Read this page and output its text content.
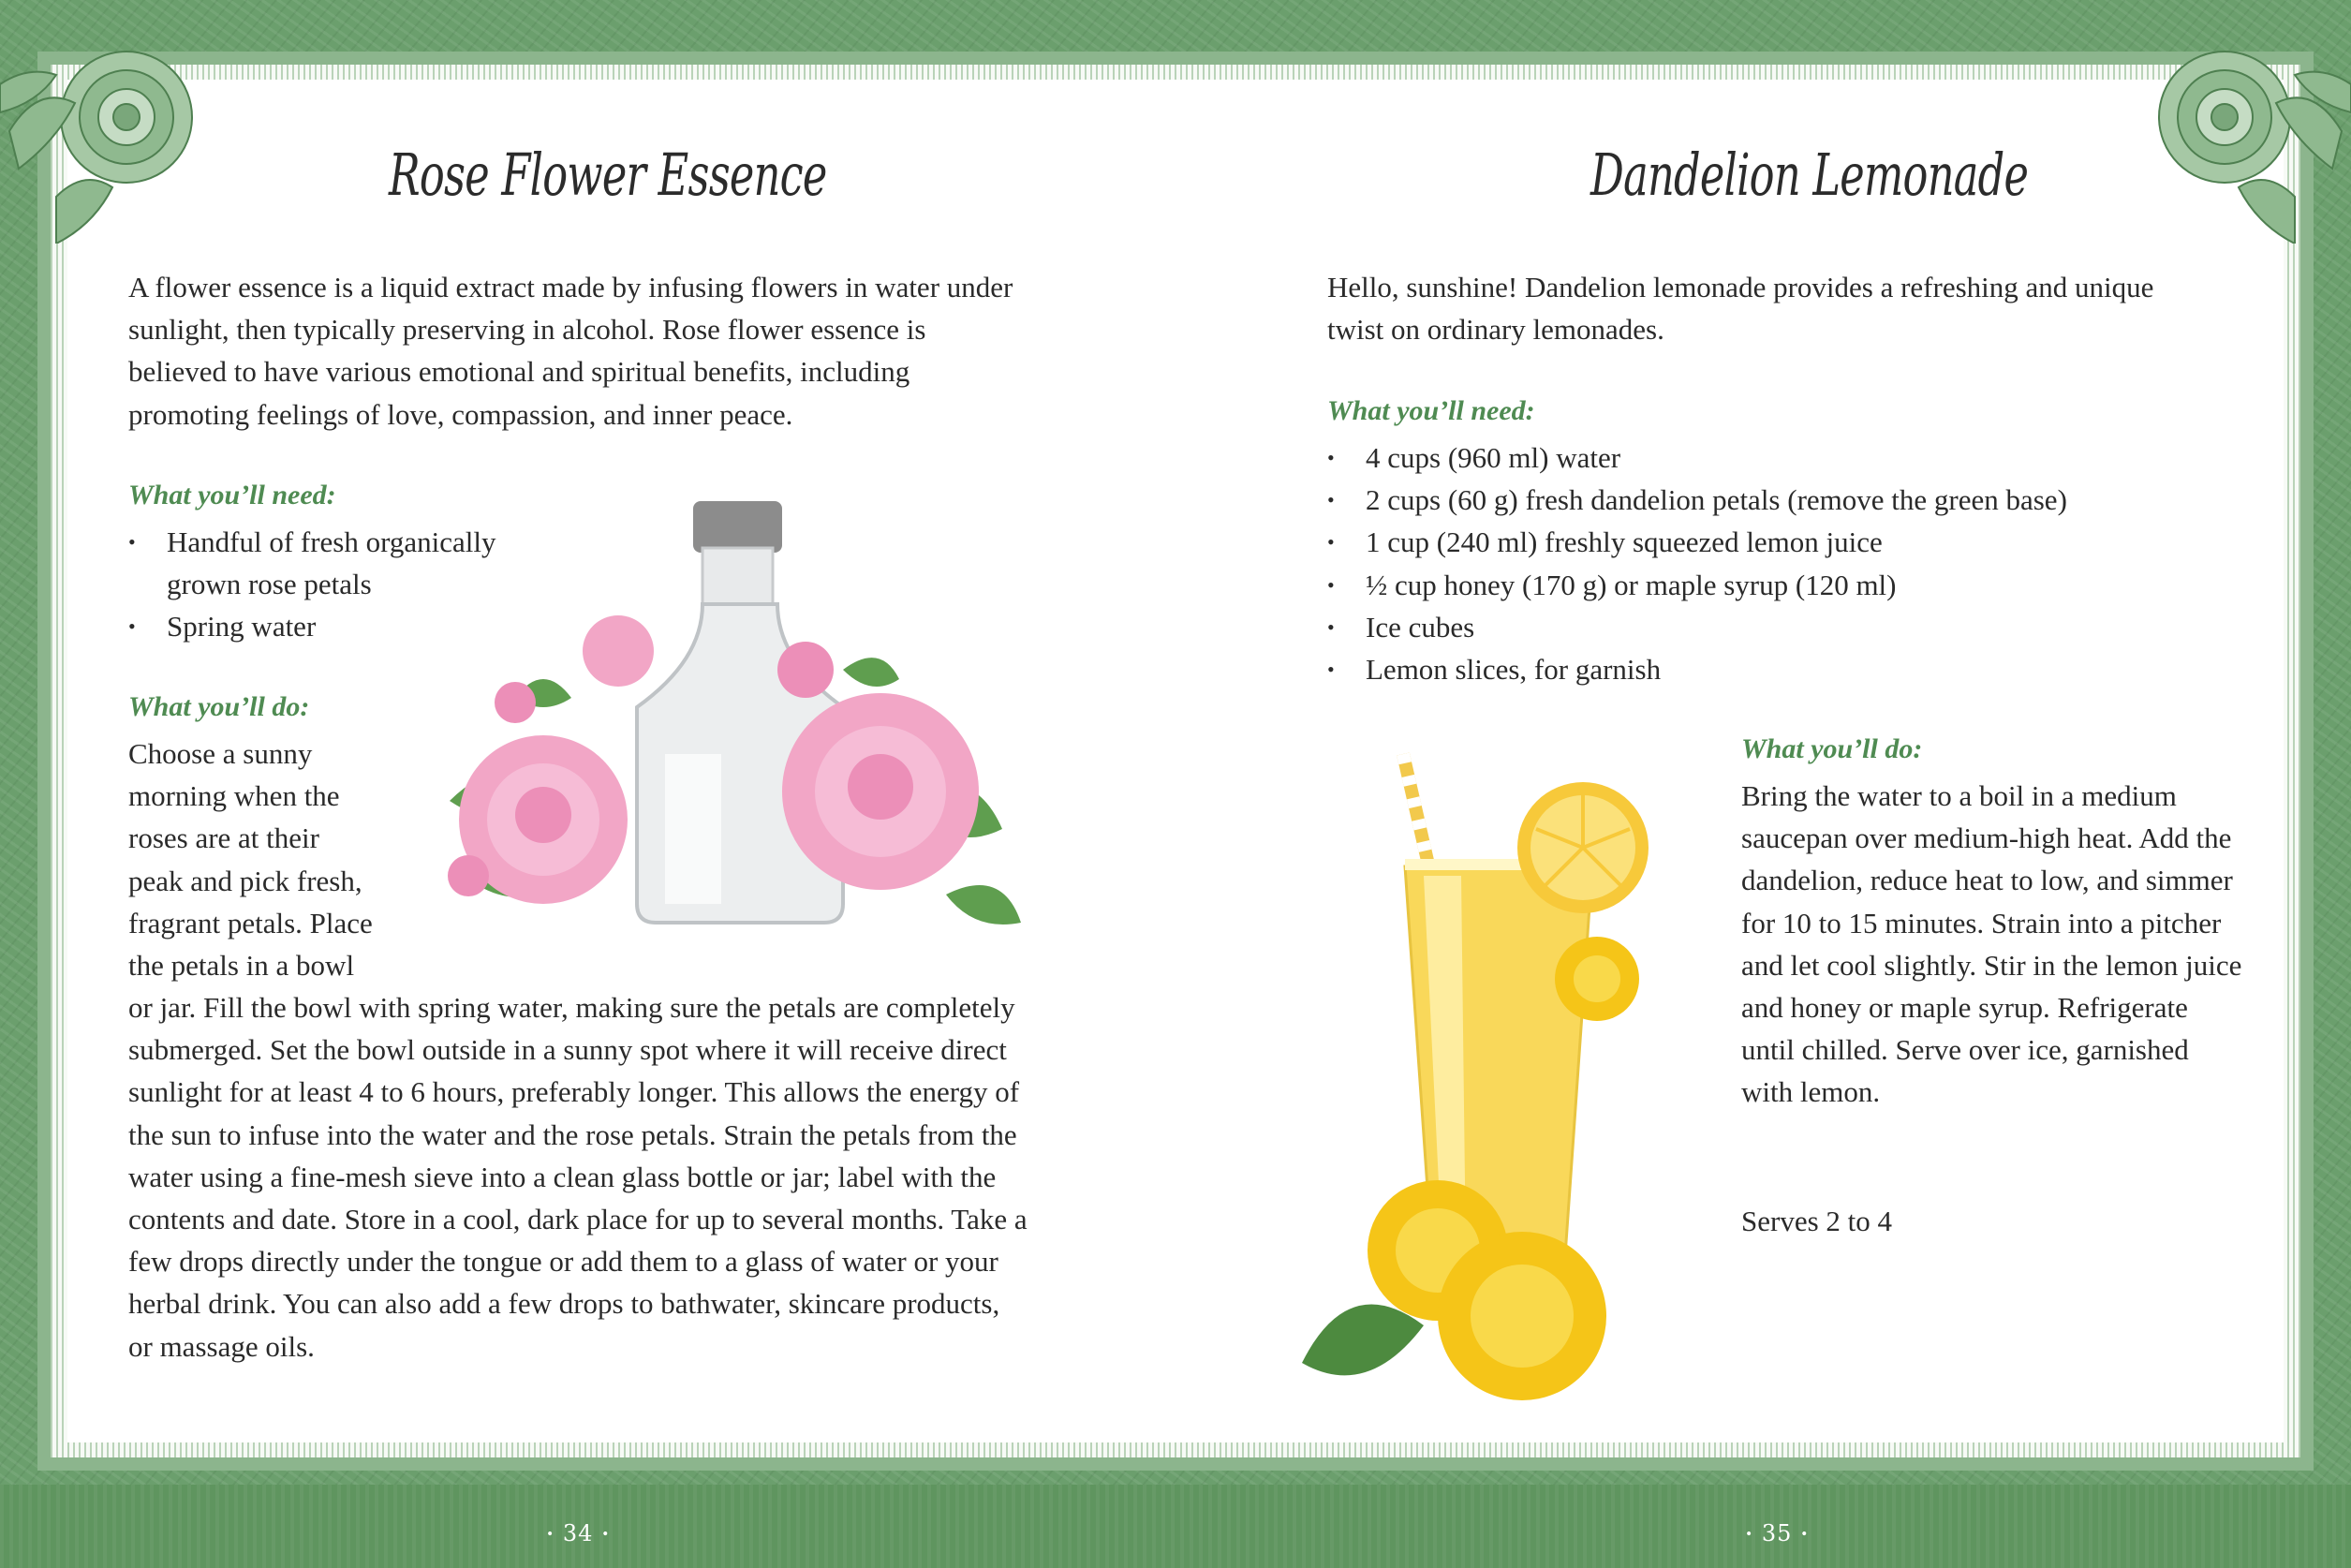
Rose Flower Essence

A flower essence is a liquid extract made by infusing flowers in water under sunlight, then typically preserving in alcohol. Rose flower essence is believed to have various emotional and spiritual benefits, including promoting feelings of love, compassion, and inner peace.

What you’ll need:
• Handful of fresh organically
grown rose petals
• Spring water
What you’ll do:

Choose a sunny

morning when the

roses are at their

peak and pick fresh,

fragrant petals. Place

the petals in a bowl

or jar. Fill the bowl with spring water, making sure the petals are completely submerged. Set the bowl outside in a sunny spot where it will receive direct sunlight for at least 4 to 6 hours, preferably longer. This allows the energy of the sun to infuse into the water and the rose petals. Strain the petals from the water using a fine-mesh sieve into a clean glass bottle or jar; label with the contents and date. Store in a cool, dark place for up to several months. Take a few drops directly under the tongue or add them to a glass of water or your herbal drink. You can also add a few drops to bathwater, skincare products, or massage oils.

Dandelion Lemonade

Hello, sunshine! Dandelion lemonade provides a refreshing and unique twist on ordinary lemonades.

What you’ll need:
• 4 cups (960 ml) water
• 2 cups (60 g) fresh dandelion petals (remove the green base)
• 1 cup (240 ml) freshly squeezed lemon juice
• ½ cup honey (170 g) or maple syrup (120 ml)
• Ice cubes
• Lemon slices, for garnish
What you’ll do:

Bring the water to a boil in a medium saucepan over medium-high heat. Add the dandelion, reduce heat to low, and simmer for 10 to 15 minutes. Strain into a pitcher and let cool slightly. Stir in the lemon juice and honey or maple syrup. Refrigerate until chilled. Serve over ice, garnished with lemon.

Serves 2 to 4
• 34 •	• 35 •
